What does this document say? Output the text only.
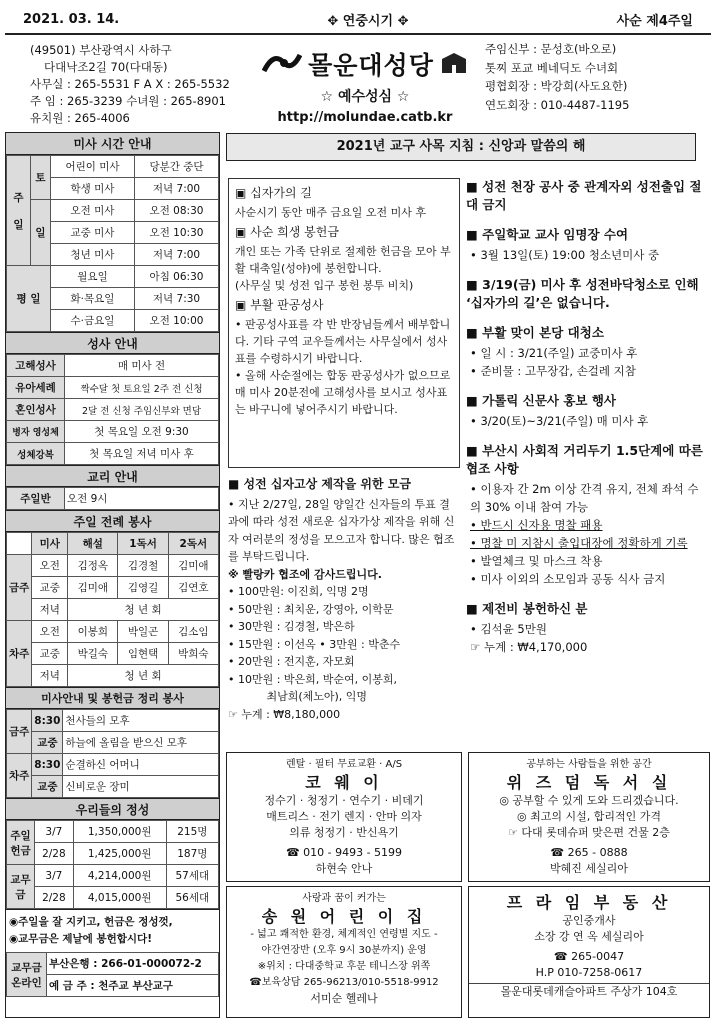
2021. 03. 14.	✥ 연중시기 ✥	사순 제4주일
(49501) 부산광역시 사하구
다대낙조2길 70(다대동)
사무실 : 265-5531 F A X : 265-5532
주 임 : 265-3239 수녀원 : 265-8901
유치원 : 265-4006
몰운대성당
☆ 예수성심 ☆
http://molundae.catb.kr
주임신부 : 문성호(바오로)
톳찌 포교 베네딕도 수녀회
평협회장 : 박강희(사도요한)
연도회장 : 010-4487-1195
미사 시간 안내
주

일	토	어린이 미사	당분간 중단
		학생 미사	저녁 7:00
	일	오전 미사	오전 08:30
		교중 미사	오전 10:30
		청년 미사	저녁 7:00
평 일		월요일	아침 06:30
		화·목요일	저녁 7:30
		수·금요일	오전 10:00
성사 안내
고해성사	매 미사 전
유아세례	짝수달 첫 토요일 2주 전 신청
혼인성사	2달 전 신청 주임신부와 면담
병자 영성체	첫 목요일 오전 9:30
성체강복	첫 목요일 저녁 미사 후
교리 안내
주일반	오전 9시
주일 전례 봉사
	미사	해설	1독서	2독서
금주	오전	김정옥	김경철	김미애
	교중	김미애	김영길	김연호
	저녁	청 년 회		
차주	오전	이봉희	박일곤	김소임
	교중	박길숙	임현택	박희숙
	저녁	청 년 회		
미사안내 및 봉헌금 정리 봉사
금주	8:30	천사들의 모후
	교중	하늘에 올림을 받으신 모후
차주	8:30	순결하신 어머니
	교중	신비로운 장미
우리들의 정성
주일 헌금	3/7	1,350,000원	215명
	2/28	1,425,000원	187명
교무 금	3/7	4,214,000원	57세대
	2/28	4,015,000원	56세대
◉주일을 잘 지키고, 헌금은 정성껏,
◉교무금은 제날에 봉헌합시다!
교무금 온라인	부산은행 : 266-01-000072-2
예 금 주 : 천주교 부산교구
2021년 교구 사목 지침 : 신앙과 말씀의 해
▣ 십자가의 길
사순시기 동안 매주 금요일 오전 미사 후
▣ 사순 희생 봉헌금
개인 또는 가족 단위로 절제한 헌금을 모아 부활 대축일(성야)에 봉헌합니다.
(사무실 및 성전 입구 봉헌 봉투 비치)
▣ 부활 판공성사
• 판공성사표를 각 반 반장님들께서 배부합니다. 기타 구역 교우들께서는 사무실에서 성사표를 수령하시기 바랍니다.
• 올해 사순절에는 합동 판공성사가 없으므로 매 미사 20분전에 고해성사를 보시고 성사표는 바구니에 넣어주시기 바랍니다.
■ 성전 십자고상 제작을 위한 모금
• 지난 2/27일, 28일 양일간 신자들의 투표 결과에 따라 성전 새로운 십자가상 제작을 위해 신자 여러분의 정성을 모으고자 합니다. 많은 협조를 부탁드립니다.
※ 빨랑카 협조에 감사드립니다.
• 100만원: 이진희, 익명 2명
• 50만원 : 최치운, 강영아, 이학문
• 30만원 : 김경철, 박은하
• 15만원 : 이선옥 • 3만원 : 박춘수
• 20만원 : 전지훈, 자모회
• 10만원 : 박은희, 박순여, 이봉희,
최남희(체노아), 익명
☞ 누계 : ₩8,180,000
■ 성전 천장 공사 중 관계자외 성전출입 절대 금지
■ 주일학교 교사 임명장 수여
• 3월 13일(토) 19:00 청소년미사 중
■ 3/19(금) 미사 후 성전바닥청소로 인해 ‘십자가의 길’은 없습니다.
■ 부활 맞이 본당 대청소
• 일 시 : 3/21(주일) 교중미사 후
• 준비물 : 고무장갑, 손걸레 지참
■ 가톨릭 신문사 홍보 행사
• 3/20(토)~3/21(주일) 매 미사 후
■ 부산시 사회적 거리두기 1.5단계에 따른 협조 사항
• 이용자 간 2m 이상 간격 유지, 전체 좌석 수의 30% 이내 참여 가능
• 반드시 신자용 명찰 패용
• 명찰 미 지참시 출입대장에 정확하게 기록
• 발열체크 및 마스크 착용
• 미사 이외의 소모임과 공동 식사 금지
■ 제전비 봉헌하신 분
• 김석윤 5만원
☞ 누계 : ₩4,170,000
렌탈 · 필터 무료교환 · A/S
코 웨 이
정수기 · 청정기 · 연수기 · 비데기
매트리스 · 전기 렌지 · 안마 의자
의류 청정기 · 반신욕기
☎ 010 - 9493 - 5199
하현숙 안나
공부하는 사람들을 위한 공간
위 즈 덤 독 서 실
◎ 공부할 수 있게 도와 드리겠습니다.
◎ 최고의 시설, 합리적인 가격
☞ 다대 롯데슈퍼 맞은편 건물 2층
☎ 265 - 0888
박혜진 세실리아
사랑과 꿈이 커가는
송 원 어 린 이 집
- 넓고 쾌적한 환경, 체계적인 연령별 지도 -
야간연장반 (오후 9시 30분까지) 운영
※위치 : 다대중학교 후문 테니스장 위쪽
☎보육상담 265-96213/010-5518-9912
서미순 헬레나
프 라 임 부 동 산
공인중개사
소장 강 연 옥 세실리아
☎ 265-0047
H.P 010-7258-0617
몰운대롯데캐슬아파트 주상가 104호
